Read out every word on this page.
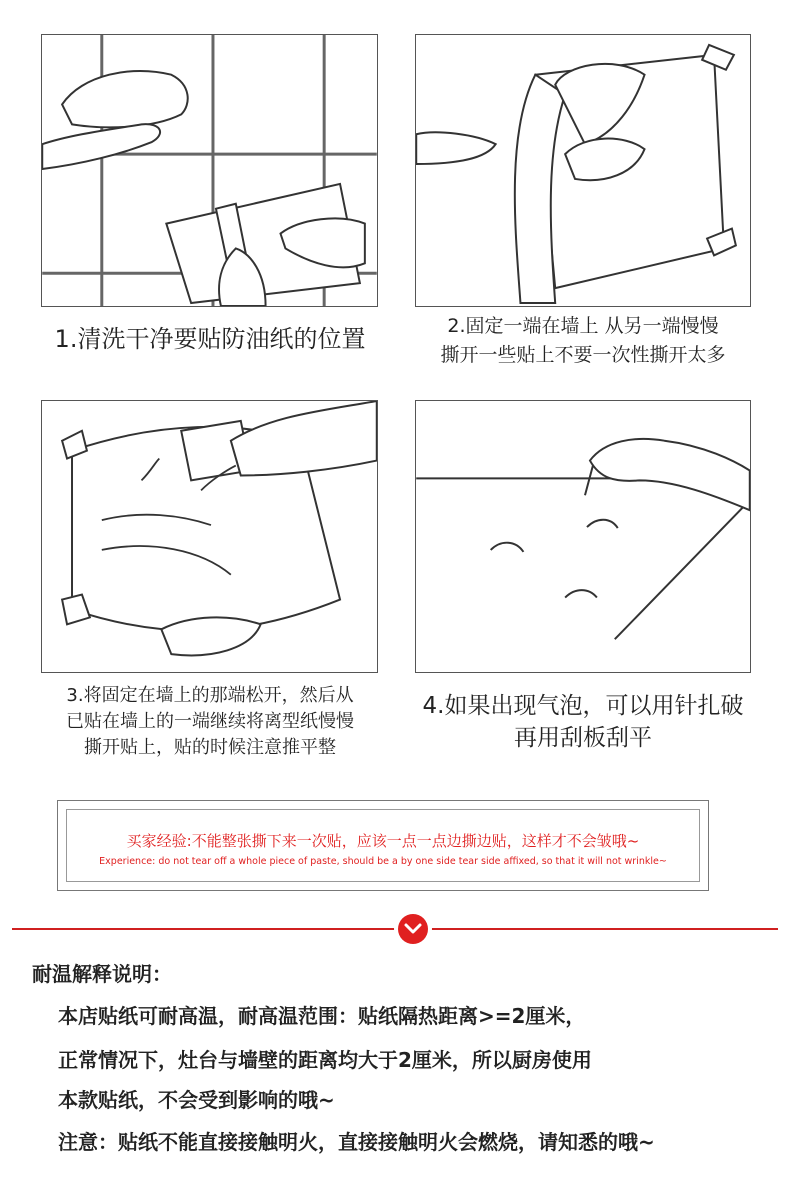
1.清洗干净要贴防油纸的位置	2.固定一端在墙上 从另一端慢慢
撕开一些贴上不要一次性撕开太多
3.将固定在墙上的那端松开，然后从
已贴在墙上的一端继续将离型纸慢慢
撕开贴上，贴的时候注意推平整
4.如果出现气泡，可以用针扎破
再用刮板刮平
买家经验:不能整张撕下来一次贴，应该一点一点边撕边贴，这样才不会皱哦~
Experience: do not tear off a whole piece of paste, should be a by one side tear side affixed, so that it will not wrinkle~
耐温解释说明：
本店贴纸可耐高温，耐高温范围：贴纸隔热距离>=2厘米，
正常情况下，灶台与墙壁的距离均大于2厘米，所以厨房使用
本款贴纸，不会受到影响的哦~
注意：贴纸不能直接接触明火，直接接触明火会燃烧，请知悉的哦~
